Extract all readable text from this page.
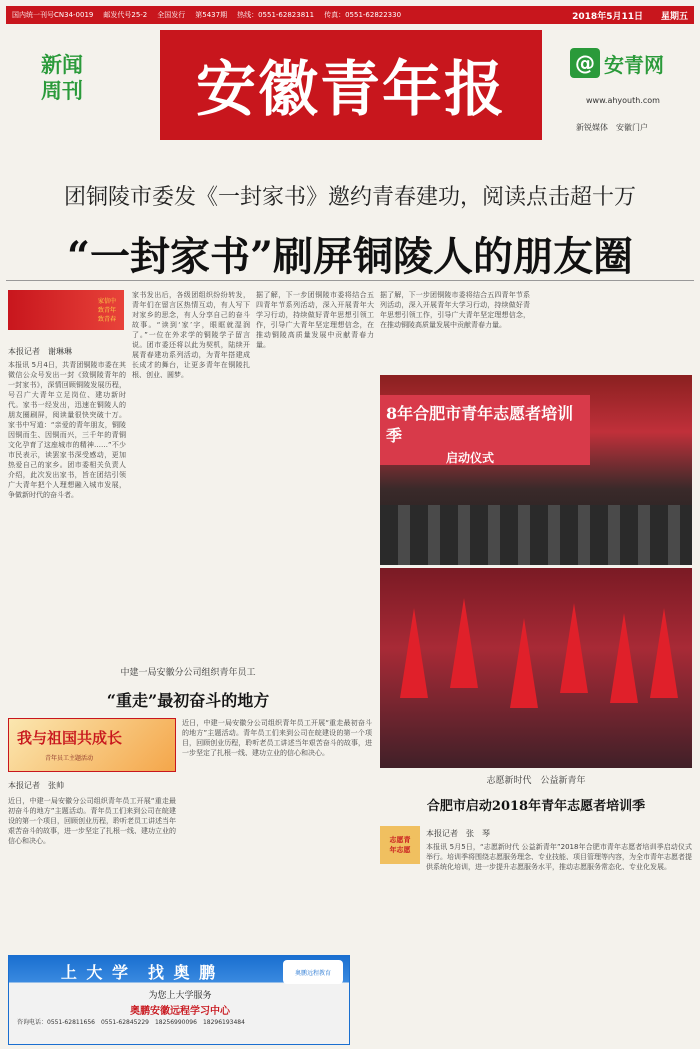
国内统一刊号CN34-0019 邮发代号25-2 全国发行 第5437期 热线：0551-62823811 传真：0551-62822330	2018年5月11日 星期五
新闻周刊 安徽青年报	@ 安青网
www.ahyouth.com
新锐媒体　安徽门户
团铜陵市委发《一封家书》邀约青春建功，阅读点击超十万
“一封家书”刷屏铜陵人的朋友圈
家信中
致青年
致青春
本报记者　谢琳琳
本报讯 5月4日，共青团铜陵市委在其微信公众号发出一封《致铜陵青年的一封家书》，深情回顾铜陵发展历程，号召广大青年立足岗位、建功新时代。家书一经发出，迅速在铜陵人的朋友圈刷屏，阅读量很快突破十万。家书中写道：“亲爱的青年朋友，铜陵因铜而生、因铜而兴，三千年的青铜文化孕育了这座城市的精神……”不少市民表示，读罢家书深受感动，更加热爱自己的家乡。团市委相关负责人介绍，此次发出家书，旨在团结引领广大青年把个人理想融入城市发展，争做新时代的奋斗者。
家书发出后，各级团组织纷纷转发，青年们在留言区热情互动，有人写下对家乡的思念，有人分享自己的奋斗故事。“读到‘家’字，眼眶就湿润了。”一位在外求学的铜陵学子留言说。团市委还将以此为契机，陆续开展青春建功系列活动，为青年搭建成长成才的舞台，让更多青年在铜陵扎根、创业、圆梦。
据了解，下一步团铜陵市委将结合五四青年节系列活动，深入开展青年大学习行动，持续做好青年思想引领工作，引导广大青年坚定理想信念，在推动铜陵高质量发展中贡献青春力量。
据了解，下一步团铜陵市委将结合五四青年节系列活动，深入开展青年大学习行动，持续做好青年思想引领工作，引导广大青年坚定理想信念，在推动铜陵高质量发展中贡献青春力量。
8年合肥市青年志愿者培训季
启动仪式
志愿新时代　公益新青年
合肥市启动2018年青年志愿者培训季
志愿青
年志愿
本报记者　张　琴
本报讯 5月5日，“志愿新时代 公益新青年”2018年合肥市青年志愿者培训季启动仪式举行。培训季将围绕志愿服务理念、专业技能、项目管理等内容，为全市青年志愿者提供系统化培训，进一步提升志愿服务水平，推动志愿服务常态化、专业化发展。
中建一局安徽分公司组织青年员工
“重走”最初奋斗的地方
我与祖国共成长
青年员工主题活动
本报记者　张帅
近日，中建一局安徽分公司组织青年员工开展“重走最初奋斗的地方”主题活动。青年员工们来到公司在皖建设的第一个项目，回顾创业历程，聆听老员工讲述当年艰苦奋斗的故事，进一步坚定了扎根一线、建功立业的信心和决心。
近日，中建一局安徽分公司组织青年员工开展“重走最初奋斗的地方”主题活动。青年员工们来到公司在皖建设的第一个项目，回顾创业历程，聆听老员工讲述当年艰苦奋斗的故事，进一步坚定了扎根一线、建功立业的信心和决心。
上 大 学　找 奥 鹏	奥鹏远程教育
为您上大学服务
奥鹏安徽远程学习中心
咨询电话：0551-62811656　0551-62845229　18256990096　18296193484
